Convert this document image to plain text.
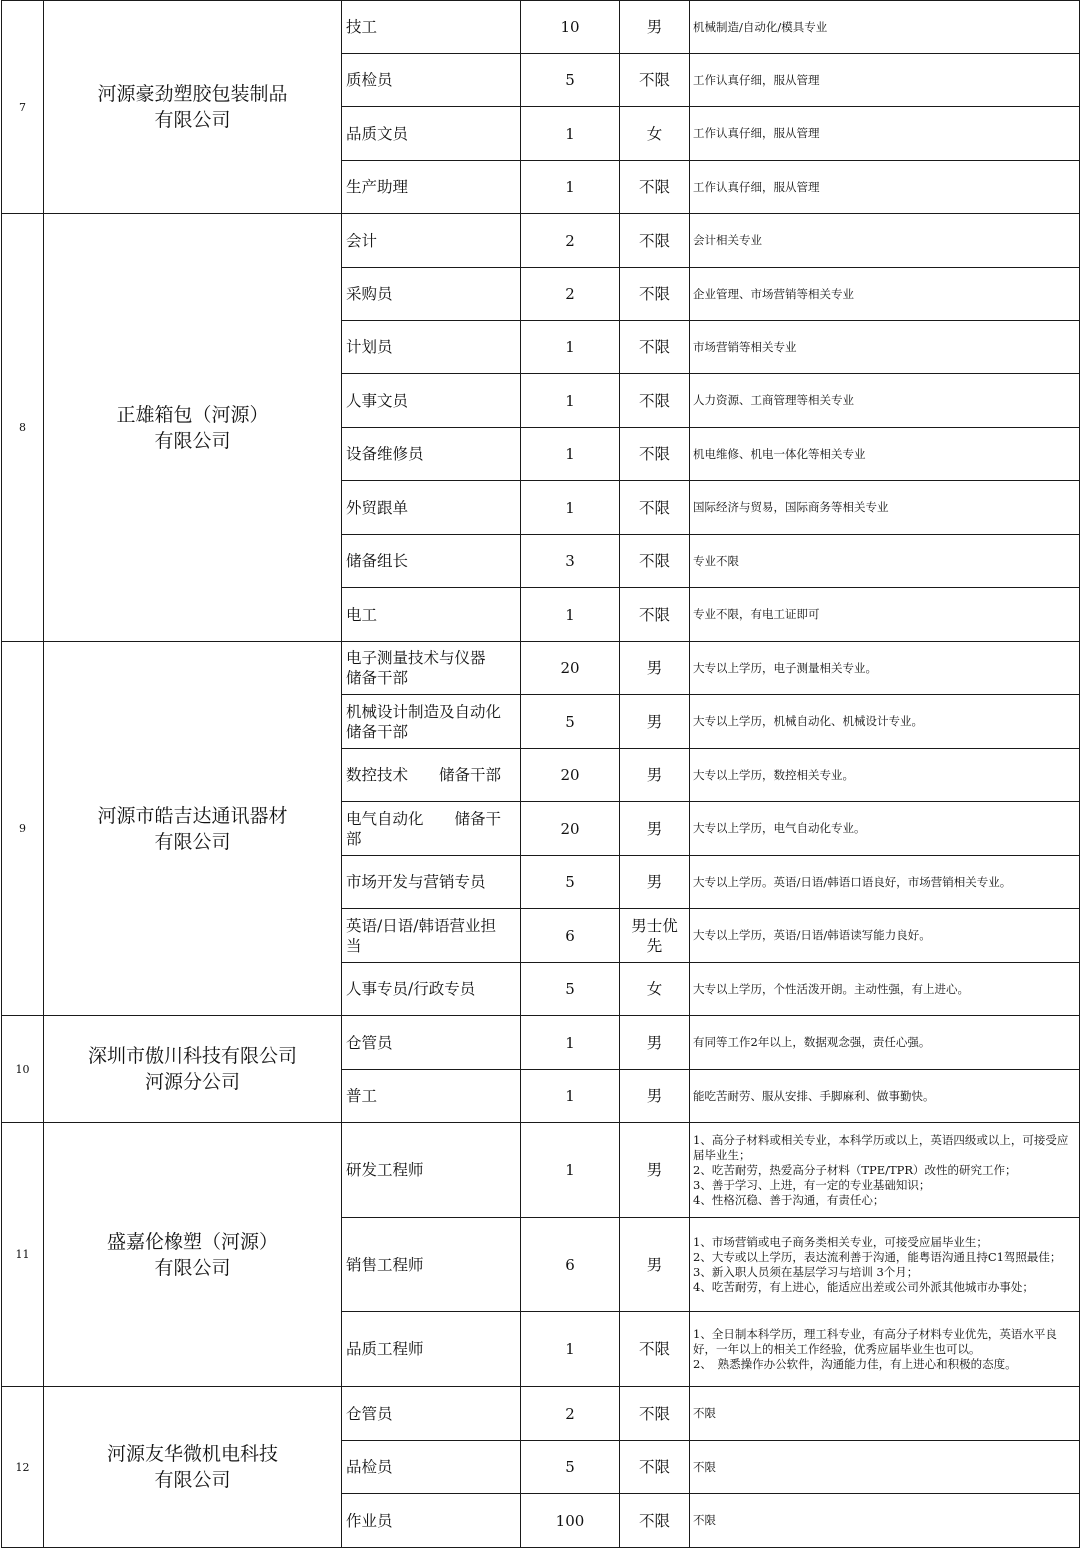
7	河源豪劲塑胶包装制品
有限公司	技工	10	男	机械制造/自动化/模具专业

		质检员	5	不限	工作认真仔细，服从管理

		品质文员	1	女	工作认真仔细，服从管理

		生产助理	1	不限	工作认真仔细，服从管理

8	正雄箱包（河源）
有限公司	会计	2	不限	会计相关专业

		采购员	2	不限	企业管理、市场营销等相关专业

		计划员	1	不限	市场营销等相关专业

		人事文员	1	不限	人力资源、工商管理等相关专业

		设备维修员	1	不限	机电维修、机电一体化等相关专业

		外贸跟单	1	不限	国际经济与贸易，国际商务等相关专业

		储备组长	3	不限	专业不限

		电工	1	不限	专业不限，有电工证即可

9	河源市皓吉达通讯器材
有限公司	电子测量技术与仪器
储备干部	20	男	大专以上学历，电子测量相关专业。

		机械设计制造及自动化
储备干部	5	男	大专以上学历，机械自动化、机械设计专业。

		数控技术　　储备干部	20	男	大专以上学历，数控相关专业。

		电气自动化　　储备干
部	20	男	大专以上学历，电气自动化专业。

		市场开发与营销专员	5	男	大专以上学历。英语/日语/韩语口语良好，市场营销相关专业。

		英语/日语/韩语营业担
当	6	男士优
先	大专以上学历，英语/日语/韩语读写能力良好。

		人事专员/行政专员	5	女	大专以上学历，个性活泼开朗。主动性强，有上进心。

10	深圳市傲川科技有限公司
河源分公司	仓管员	1	男	有同等工作2年以上，数据观念强，责任心强。

		普工	1	男	能吃苦耐劳、服从安排、手脚麻利、做事勤快。

11	盛嘉伦橡塑（河源）
有限公司	研发工程师	1	男	1、高分子材料或相关专业，本科学历或以上，英语四级或以上，可接受应届毕业生；
2、吃苦耐劳，热爱高分子材料（TPE/TPR）改性的研究工作；
3、善于学习、上进，有一定的专业基础知识；
4、性格沉稳、善于沟通，有责任心；

		销售工程师	6	男	1、市场营销或电子商务类相关专业，可接受应届毕业生；
2、大专或以上学历，表达流利善于沟通，能粤语沟通且持C1驾照最佳；
3、新入职人员须在基层学习与培训 3个月；
4、吃苦耐劳，有上进心，能适应出差或公司外派其他城市办事处；

		品质工程师	1	不限	1、全日制本科学历，理工科专业，有高分子材料专业优先，英语水平良好，一年以上的相关工作经验，优秀应届毕业生也可以。
2、　熟悉操作办公软件，沟通能力佳，有上进心和积极的态度。

12	河源友华微机电科技
有限公司	仓管员	2	不限	不限

		品检员	5	不限	不限

		作业员	100	不限	不限
